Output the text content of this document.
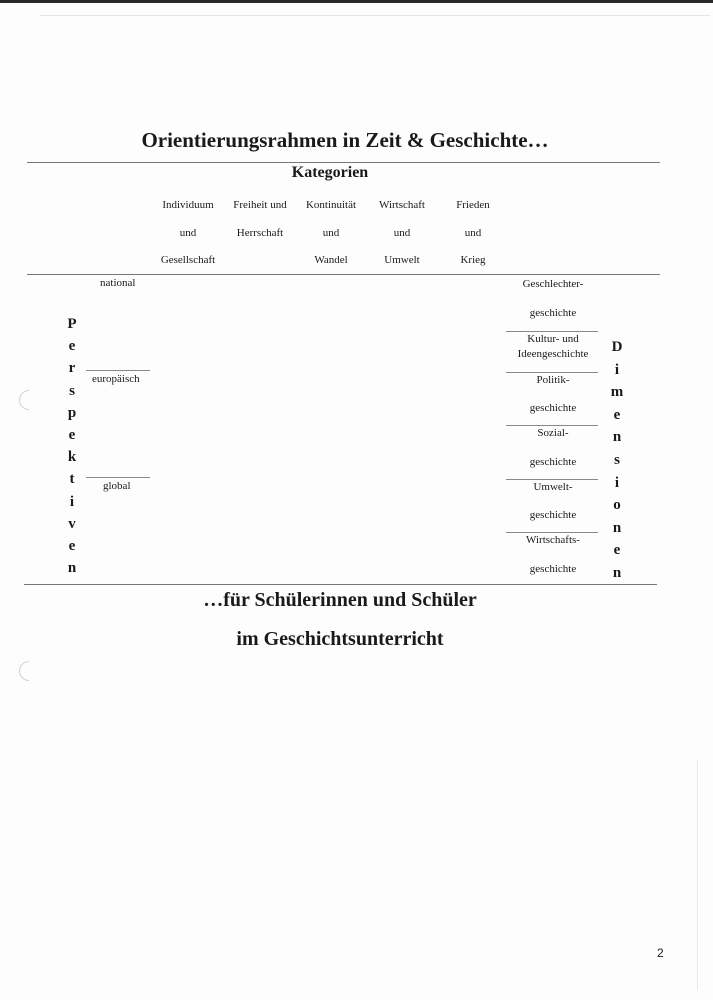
Orientierungsrahmen in Zeit & Geschichte…
Kategorien
Individuum
und
Gesellschaft
Freiheit und
Herrschaft
Kontinuität
und
Wandel
Wirtschaft
und
Umwelt
Frieden
und
Krieg
national
europäisch
global
P
e
r
s
p
e
k
t
i
v
e
n
Geschlechter-
geschichte
Kultur- und
Ideengeschichte
Politik-
geschichte
Sozial-
geschichte
Umwelt-
geschichte
Wirtschafts-
geschichte
D
i
m
e
n
s
i
o
n
e
n
…für Schülerinnen und Schüler
im Geschichtsunterricht
2
